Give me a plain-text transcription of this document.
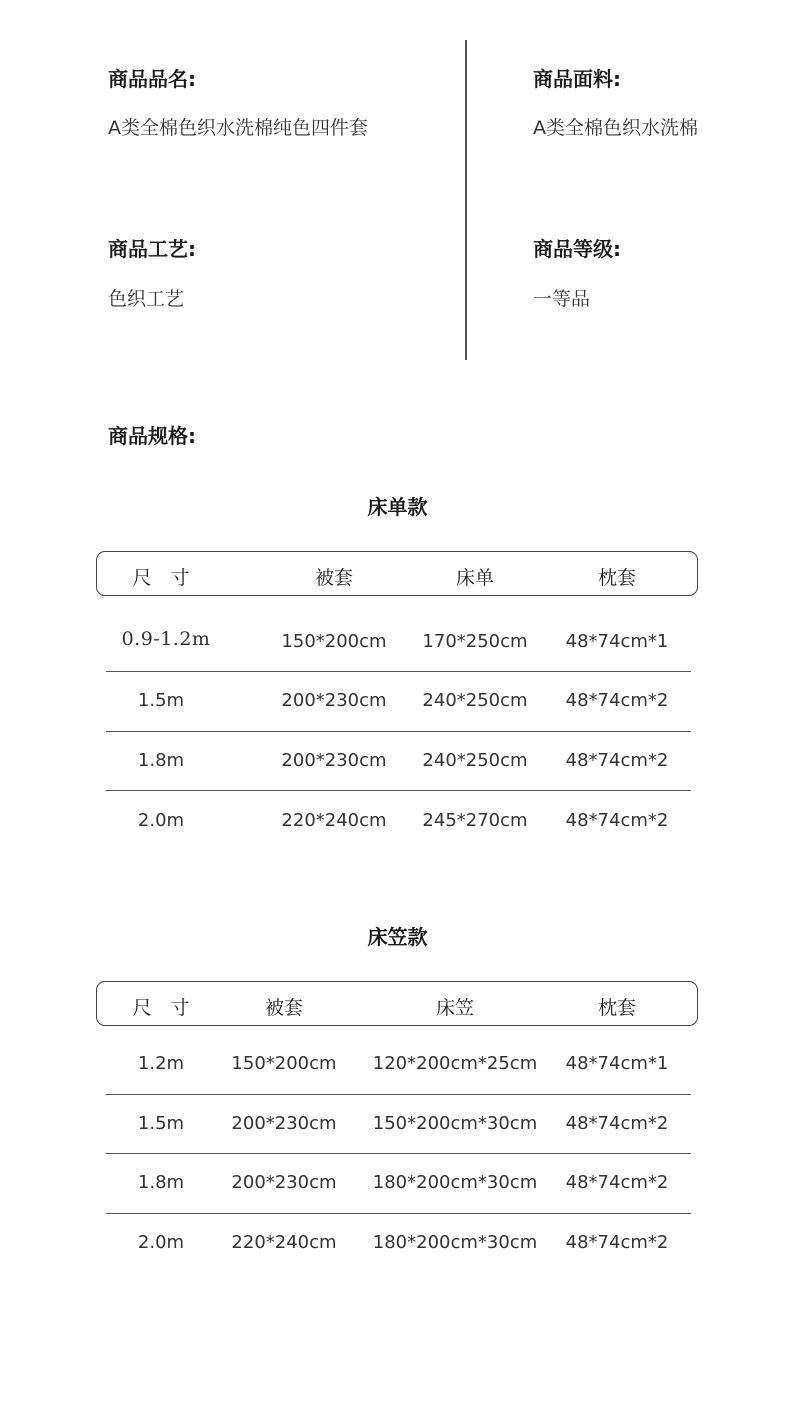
商品品名:
A类全棉色织水洗棉纯色四件套
商品面料:
A类全棉色织水洗棉
商品工艺:
色织工艺
商品等级:
一等品
商品规格:
床单款
尺　寸	被套	床单	枕套
0.9-1.2m	150*200cm 170*250cm 48*74cm*1
1.5m	200*230cm 240*250cm 48*74cm*2
1.8m	200*230cm 240*250cm 48*74cm*2
2.0m	220*240cm 245*270cm 48*74cm*2
床笠款
尺　寸	被套	床笠	枕套
1.2m	150*200cm 120*200cm*25cm 48*74cm*1
1.5m	200*230cm 150*200cm*30cm 48*74cm*2
1.8m	200*230cm 180*200cm*30cm 48*74cm*2
2.0m	220*240cm 180*200cm*30cm 48*74cm*2
